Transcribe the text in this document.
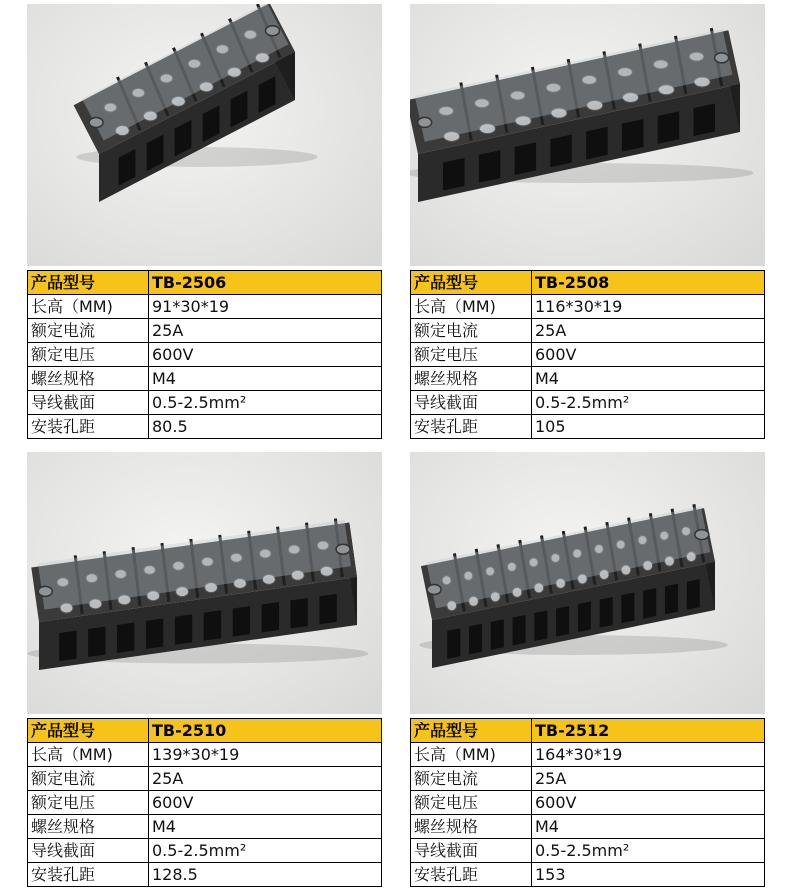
产品型号	TB-2506
长高（MM)	91*30*19
额定电流	25A
额定电压	600V
螺丝规格	M4
导线截面	0.5-2.5mm²
安装孔距	80.5
产品型号	TB-2508
长高（MM)	116*30*19
额定电流	25A
额定电压	600V
螺丝规格	M4
导线截面	0.5-2.5mm²
安装孔距	105
产品型号	TB-2510
长高（MM)	139*30*19
额定电流	25A
额定电压	600V
螺丝规格	M4
导线截面	0.5-2.5mm²
安装孔距	128.5
产品型号	TB-2512
长高（MM)	164*30*19
额定电流	25A
额定电压	600V
螺丝规格	M4
导线截面	0.5-2.5mm²
安装孔距	153
